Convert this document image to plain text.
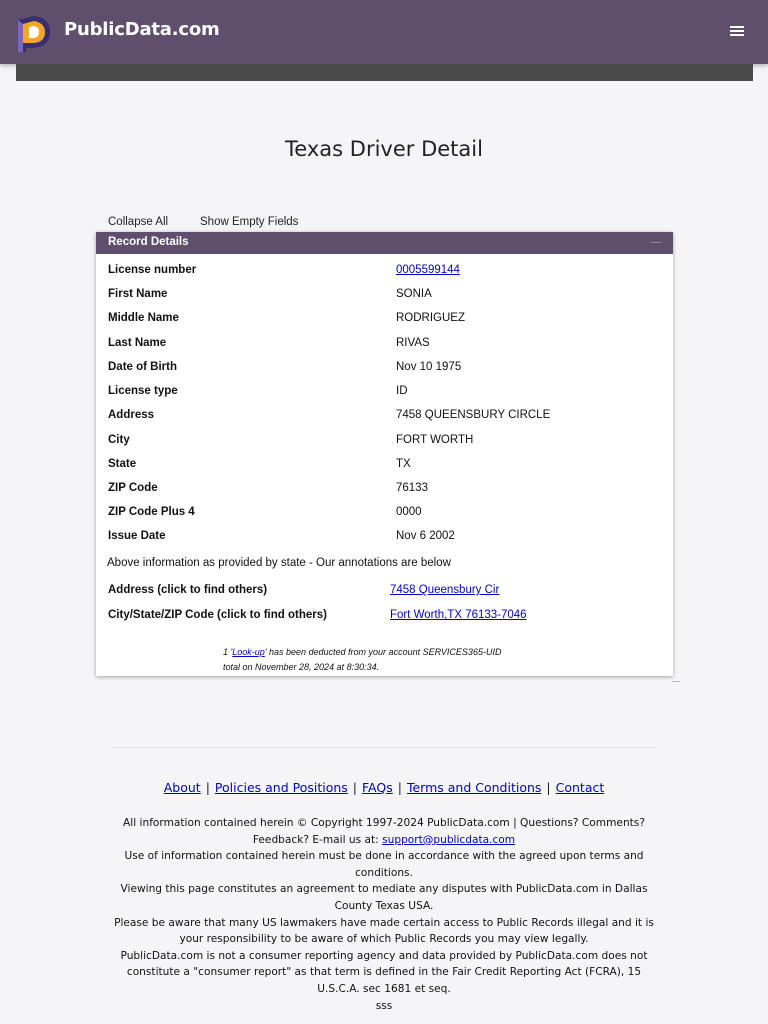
PublicData.com
Texas Driver Detail
Collapse All	Show Empty Fields
Record Details
License number	0005599144
First Name	SONIA
Middle Name	RODRIGUEZ
Last Name	RIVAS
Date of Birth	Nov 10 1975
License type	ID
Address	7458 QUEENSBURY CIRCLE
City	FORT WORTH
State	TX
ZIP Code	76133
ZIP Code Plus 4	0000
Issue Date	Nov 6 2002
Above information as provided by state - Our annotations are below
Address (click to find others)	7458 Queensbury Cir
City/State/ZIP Code (click to find others)	Fort Worth,TX 76133-7046
1 'Look-up' has been deducted from your account SERVICES365-UID
total on November 28, 2024 at 8:30:34.
About | Policies and Positions | FAQs | Terms and Conditions | Contact

All information contained herein © Copyright 1997-2024 PublicData.com | Questions? Comments? Feedback? E-mail us at: support@publicdata.com

Use of information contained herein must be done in accordance with the agreed upon terms and conditions.

Viewing this page constitutes an agreement to mediate any disputes with PublicData.com in Dallas County Texas USA.

Please be aware that many US lawmakers have made certain access to Public Records illegal and it is your responsibility to be aware of which Public Records you may view legally.

PublicData.com is not a consumer reporting agency and data provided by PublicData.com does not constitute a "consumer report" as that term is defined in the Fair Credit Reporting Act (FCRA), 15 U.S.C.A. sec 1681 et seq.

sss
